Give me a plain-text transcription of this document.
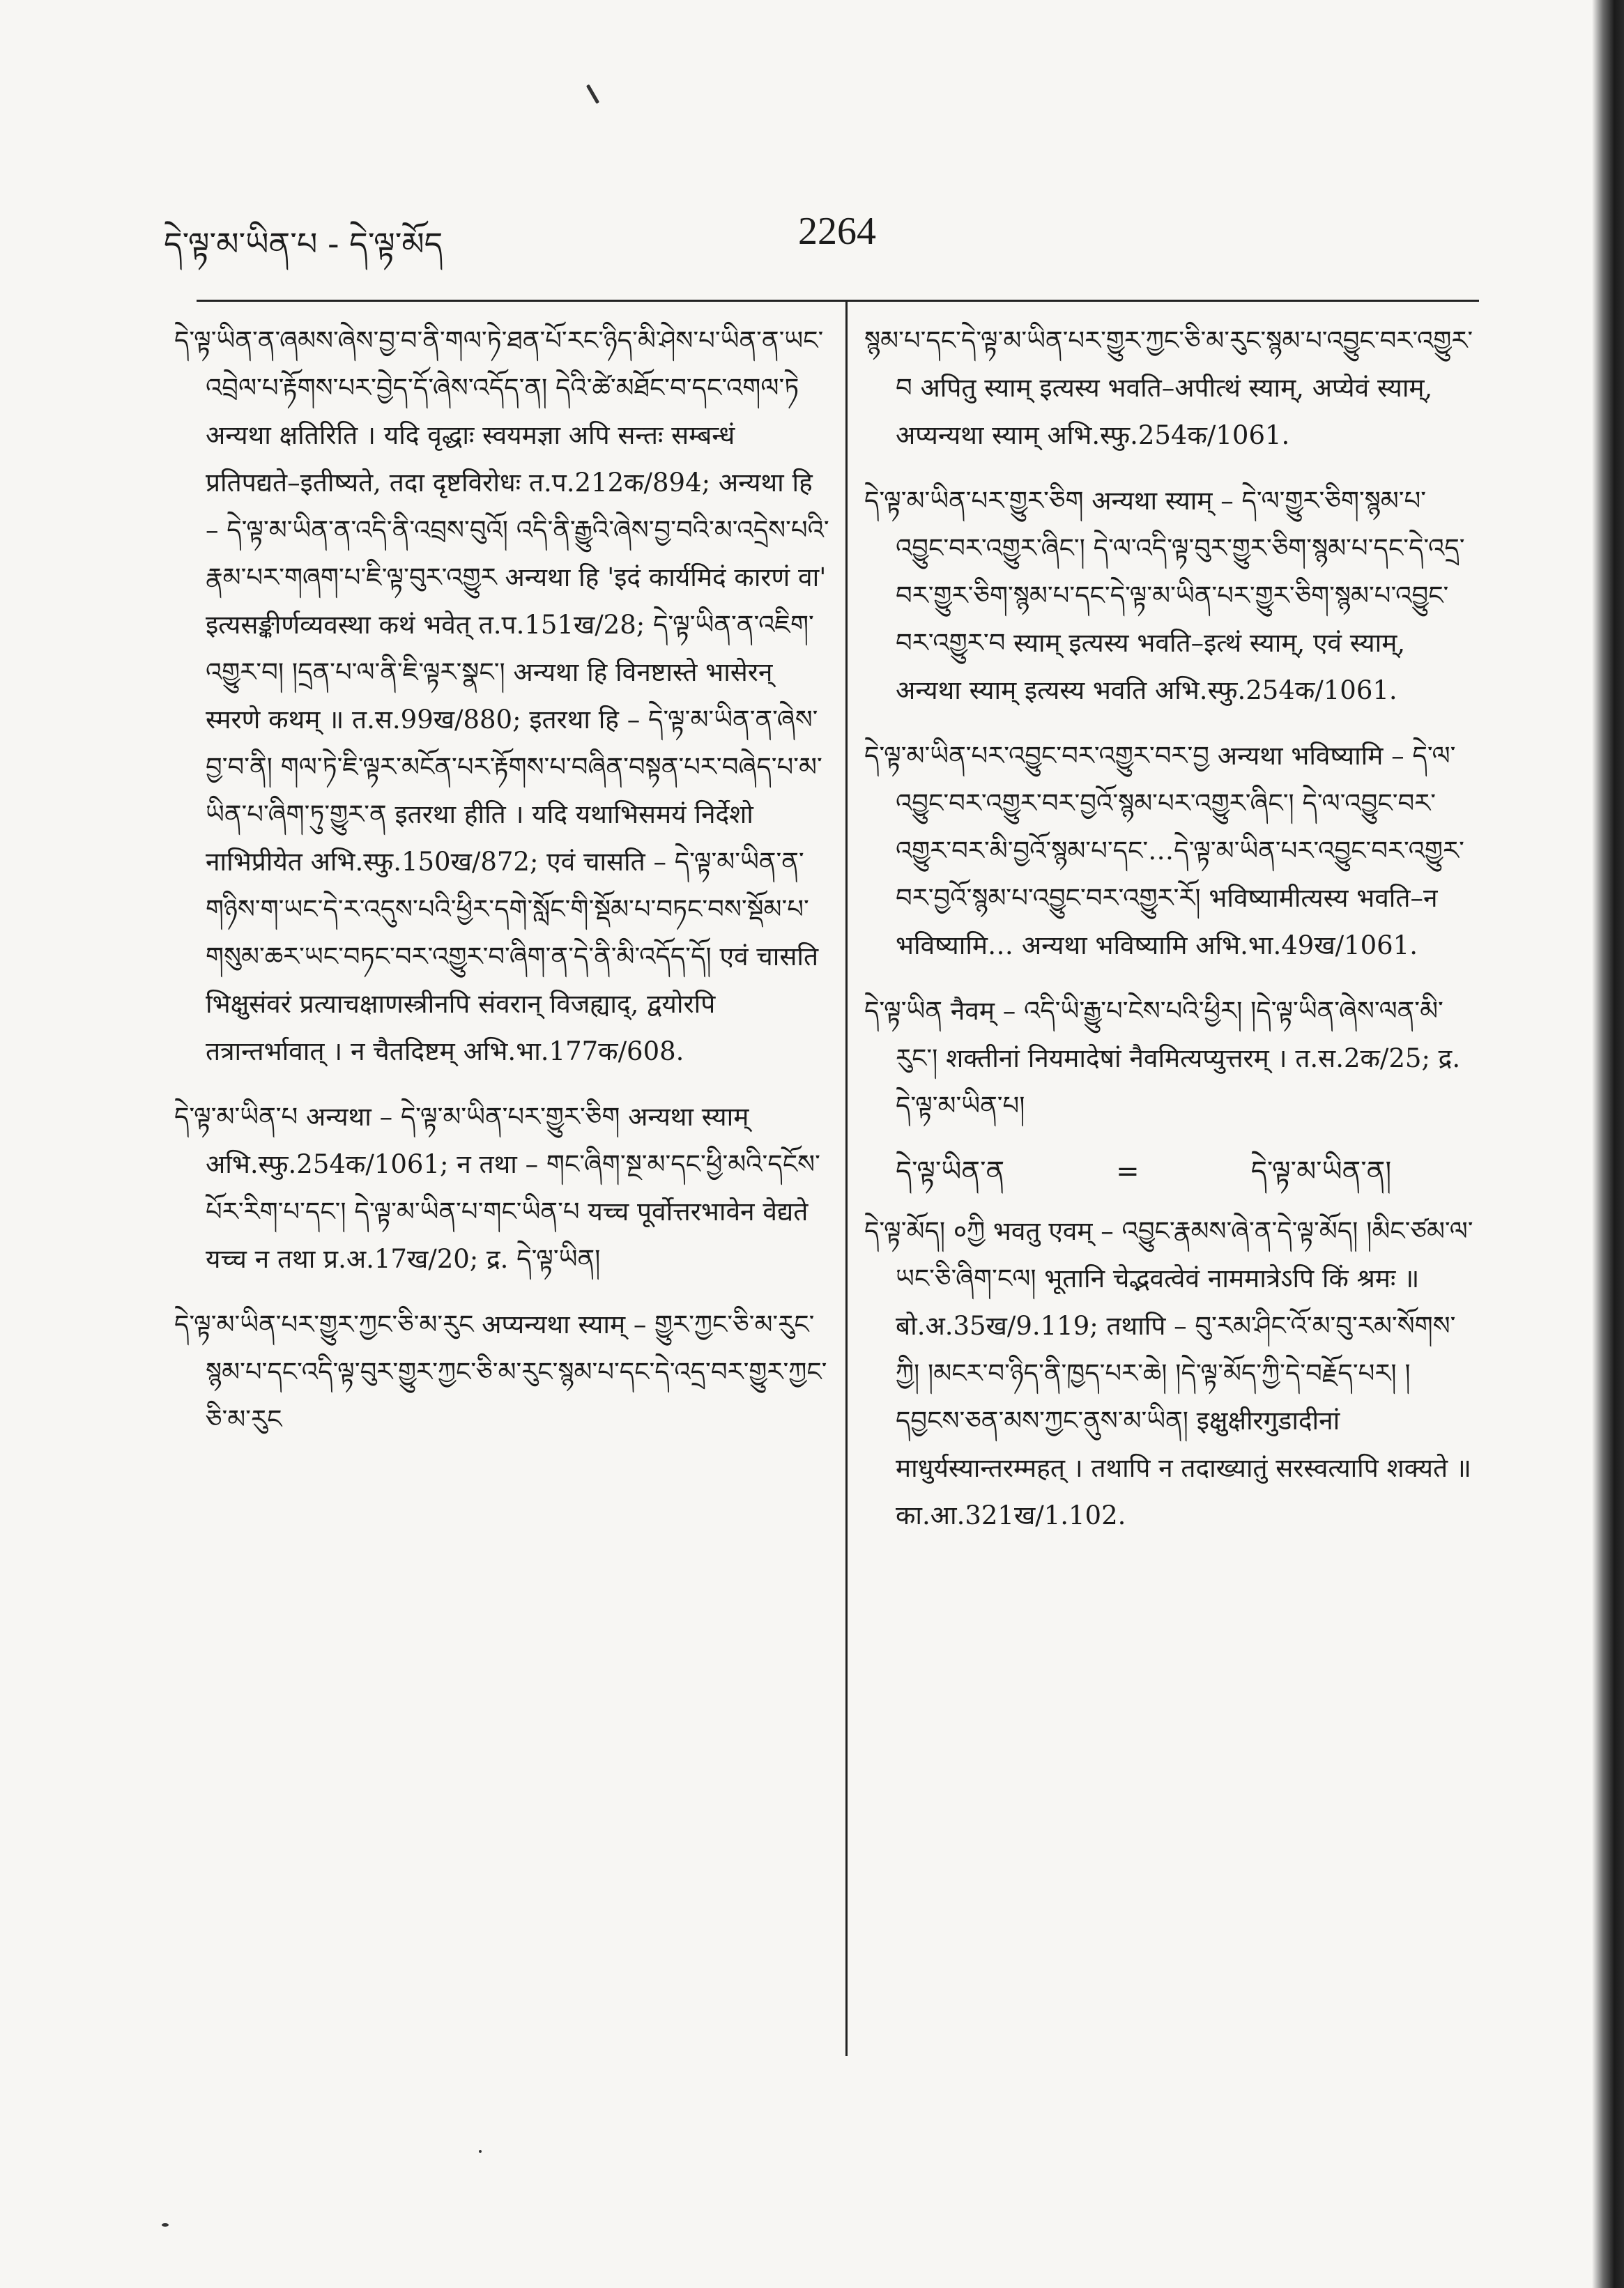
དེ་ལྟ་མ་ཡིན་པ - དེ་ལྟ་མོད	2264

དེ་ལྟ་ཡིན་ན་ཞམས་ཞེས་བྱ་བ་ནི་གལ་ཏེ་ཐན་པོ་རང་ཉིད་མི་ཤེས་པ་ཡིན་ན་ཡང་འབྲེལ་པ་རྟོགས་པར་བྱེད་དོ་ཞེས་འདོད་ན། དེའི་ཚེ་མཐོང་བ་དང་འགལ་ཏེ अन्यथा क्षतिरिति । यदि वृद्धाः स्वयमज्ञा अपि सन्तः सम्बन्धं प्रतिपद्यते–इतीष्यते, तदा दृष्टविरोधः त.प.212क/894; अन्यथा हि – དེ་ལྟ་མ་ཡིན་ན་འདི་ནི་འབྲས་བུའོ། འདི་ནི་རྒྱུའི་ཞེས་བྱ་བའི་མ་འདྲེས་པའི་རྣམ་པར་གཞག་པ་ཇི་ལྟ་བུར་འགྱུར अन्यथा हि 'इदं कार्यमिदं कारणं वा' इत्यसङ्कीर्णव्यवस्था कथं भवेत् त.प.151ख/28; དེ་ལྟ་ཡིན་ན་འཇིག་འགྱུར་བ། །དྲན་པ་ལ་ནི་ཇི་ལྟར་སྣང་། अन्यथा हि विनष्टास्ते भासेरन् स्मरणे कथम् ॥ त.स.99ख/880; इतरथा हि – དེ་ལྟ་མ་ཡིན་ན་ཞེས་བྱ་བ་ནི། གལ་ཏེ་ཇི་ལྟར་མངོན་པར་རྟོགས་པ་བཞིན་བསྟན་པར་བཞེད་པ་མ་ཡིན་པ་ཞིག་ཏུ་གྱུར་ན इतरथा हीति । यदि यथाभिसमयं निर्देशो नाभिप्रीयेत अभि.स्फु.150ख/872; एवं चासति – དེ་ལྟ་མ་ཡིན་ན་གཉིས་ག་ཡང་དེ་ར་འདུས་པའི་ཕྱིར་དགེ་སློང་གི་སྡོམ་པ་བཏང་བས་སྡོམ་པ་གསུམ་ཆར་ཡང་བཏང་བར་འགྱུར་བ་ཞིག་ན་དེ་ནི་མི་འདོད་དོ། एवं चासति भिक्षुसंवरं प्रत्याचक्षाणस्त्रीनपि संवरान् विजह्याद्, द्वयोरपि तत्रान्तर्भावात् । न चैतदिष्टम् अभि.भा.177क/608.

དེ་ལྟ་མ་ཡིན་པ अन्यथा – དེ་ལྟ་མ་ཡིན་པར་གྱུར་ཅིག अन्यथा स्याम् अभि.स्फु.254क/1061; न तथा – གང་ཞིག་སྔ་མ་དང་ཕྱི་མའི་དངོས་པོར་རིག་པ་དང་། དེ་ལྟ་མ་ཡིན་པ་གང་ཡིན་པ यच्च पूर्वोत्तरभावेन वेद्यते यच्च न तथा प्र.अ.17ख/20; द्र. དེ་ལྟ་ཡིན།

དེ་ལྟ་མ་ཡིན་པར་གྱུར་ཀྱང་ཅི་མ་རུང अप्यन्यथा स्याम् – གྱུར་ཀྱང་ཅི་མ་རུང་སྙམ་པ་དང་འདི་ལྟ་བུར་གྱུར་ཀྱང་ཅི་མ་རུང་སྙམ་པ་དང་དེ་འདྲ་བར་གྱུར་ཀྱང་ཅི་མ་རུང

སྙམ་པ་དང་དེ་ལྟ་མ་ཡིན་པར་གྱུར་ཀྱང་ཅི་མ་རུང་སྙམ་པ་འབྱུང་བར་འགྱུར་བ अपितु स्याम् इत्यस्य भवति–अपीत्थं स्याम्, अप्येवं स्याम्, अप्यन्यथा स्याम् अभि.स्फु.254क/1061.

དེ་ལྟ་མ་ཡིན་པར་གྱུར་ཅིག अन्यथा स्याम् – དེ་ལ་གྱུར་ཅིག་སྙམ་པ་འབྱུང་བར་འགྱུར་ཞིང་། དེ་ལ་འདི་ལྟ་བུར་གྱུར་ཅིག་སྙམ་པ་དང་དེ་འདྲ་བར་གྱུར་ཅིག་སྙམ་པ་དང་དེ་ལྟ་མ་ཡིན་པར་གྱུར་ཅིག་སྙམ་པ་འབྱུང་བར་འགྱུར་བ स्याम् इत्यस्य भवति–इत्थं स्याम्, एवं स्याम्, अन्यथा स्याम् इत्यस्य भवति अभि.स्फु.254क/1061.

དེ་ལྟ་མ་ཡིན་པར་འབྱུང་བར་འགྱུར་བར་བྱ अन्यथा भविष्यामि – དེ་ལ་འབྱུང་བར་འགྱུར་བར་བྱའོ་སྙམ་པར་འགྱུར་ཞིང་། དེ་ལ་འབྱུང་བར་འགྱུར་བར་མི་བྱའོ་སྙམ་པ་དང་…དེ་ལྟ་མ་ཡིན་པར་འབྱུང་བར་འགྱུར་བར་བྱའོ་སྙམ་པ་འབྱུང་བར་འགྱུར་རོ། भविष्यामीत्यस्य भवति–न भविष्यामि… अन्यथा भविष्यामि अभि.भा.49ख/1061.

དེ་ལྟ་ཡིན नैवम् – འདི་ཡི་རྒྱུ་པ་ངེས་པའི་ཕྱིར། །དེ་ལྟ་ཡིན་ཞེས་ལན་མི་རུང་། शक्तीनां नियमादेषां नैवमित्यप्युत्तरम् । त.स.2क/25; द्र. དེ་ལྟ་མ་ཡིན་པ།

དེ་ལྟ་ཡིན་ན	=	དེ་ལྟ་མ་ཡིན་ན།

དེ་ལྟ་མོད། ०ཀྱི भवतु एवम् – འབྱུང་རྣམས་ཞེ་ན་དེ་ལྟ་མོད། །མིང་ཙམ་ལ་ཡང་ཅི་ཞིག་ངལ། भूतानि चेद्भवत्वेवं नाममात्रेऽपि किं श्रमः ॥ बो.अ.35ख/9.119; तथापि – བུ་རམ་ཤིང་འོ་མ་བུ་རམ་སོགས་ཀྱི། །མངར་བ་ཉིད་ནི་ཁྱད་པར་ཆེ། །དེ་ལྟ་མོད་ཀྱི་དེ་བརྗོད་པར། །དབྱངས་ཅན་མས་ཀྱང་ནུས་མ་ཡིན། इक्षुक्षीरगुडादीनां माधुर्यस्यान्तरम्महत् । तथापि न तदाख्यातुं सरस्वत्यापि शक्यते ॥ का.आ.321ख/1.102.
